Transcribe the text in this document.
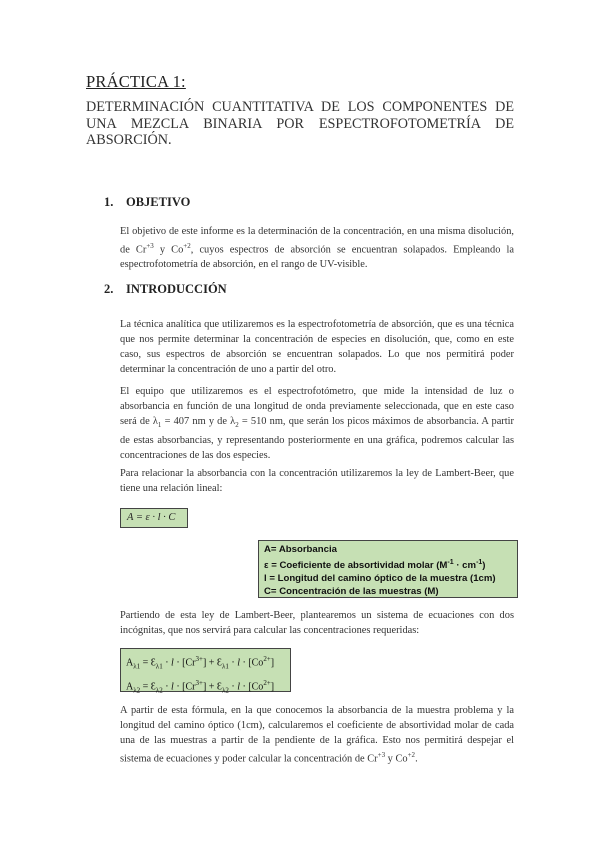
PRÁCTICA 1:
DETERMINACIÓN CUANTITATIVA DE LOS COMPONENTES DE UNA MEZCLA BINARIA POR ESPECTROFOTOMETRÍA DE ABSORCIÓN.
1. OBJETIVO
El objetivo de este informe es la determinación de la concentración, en una misma disolución, de $Cr^{+3}$ y $Co^{+2}$, cuyos espectros de absorción se encuentran solapados. Empleando la espectrofotometría de absorción, en el rango de UV-visible.
2. INTRODUCCIÓN
La técnica analítica que utilizaremos es la espectrofotometría de absorción, que es una técnica que nos permite determinar la concentración de especies en disolución, que, como en este caso, sus espectros de absorción se encuentran solapados. Lo que nos permitirá poder determinar la concentración de uno a partir del otro.
El equipo que utilizaremos es el espectrofotómetro, que mide la intensidad de luz o absorbancia en función de una longitud de onda previamente seleccionada, que en este caso será de $\lambda_1 = 407$ nm y de $\lambda_2 = 510$ nm, que serán los picos máximos de absorbancia. A partir de estas absorbancias, y representando posteriormente en una gráfica, podremos calcular las concentraciones de las dos especies.
Para relacionar la absorbancia con la concentración utilizaremos la ley de Lambert-Beer, que tiene una relación lineal:
A = ε · l · C
A= Absorbancia
ε = Coeficiente de absortividad molar $(M^{-1} \cdot cm^{-1})$
l = Longitud del camino óptico de la muestra (1cm)
C= Concentración de las muestras (M)
Partiendo de esta ley de Lambert-Beer, plantearemos un sistema de ecuaciones con dos incógnitas, que nos servirá para calcular las concentraciones requeridas:
$A_{\lambda 1}$ = $Ɛ_{\lambda 1} \cdot l \cdot [Cr^{3+}]$ + $Ɛ_{\lambda 1} \cdot l \cdot [Co^{2+}]$
$A_{\lambda 2}$ = $Ɛ_{\lambda 2} \cdot l \cdot [Cr^{3+}]$ + $Ɛ_{\lambda 2} \cdot l \cdot [Co^{2+}]$
A partir de esta fórmula, en la que conocemos la absorbancia de la muestra problema y la longitud del camino óptico (1cm), calcularemos el coeficiente de absortividad molar de cada una de las muestras a partir de la pendiente de la gráfica. Esto nos permitirá despejar el sistema de ecuaciones y poder calcular la concentración de $Cr^{+3}$ y $Co^{+2}$.
